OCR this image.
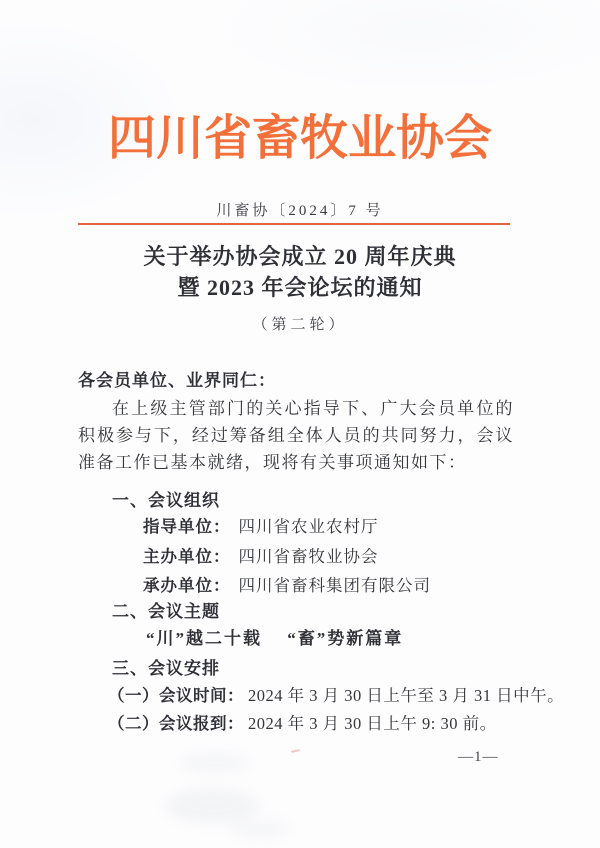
四川省畜牧业协会
川畜协〔2024〕7 号
关于举办协会成立 20 周年庆典
暨 2023 年会论坛的通知
（第二轮）
各会员单位、业界同仁：
在上级主管部门的关心指导下、广大会员单位的积极参与下，经过筹备组全体人员的共同努力，会议准备工作已基本就绪，现将有关事项通知如下：
一、会议组织
指导单位： 四川省农业农村厅
主办单位： 四川省畜牧业协会
承办单位： 四川省畜科集团有限公司
二、会议主题
“川”越二十载　 “畜”势新篇章
三、会议安排
（一）会议时间： 2024 年 3 月 30 日上午至 3 月 31 日中午。
（二）会议报到： 2024 年 3 月 30 日上午 9: 30 前。
—1—
